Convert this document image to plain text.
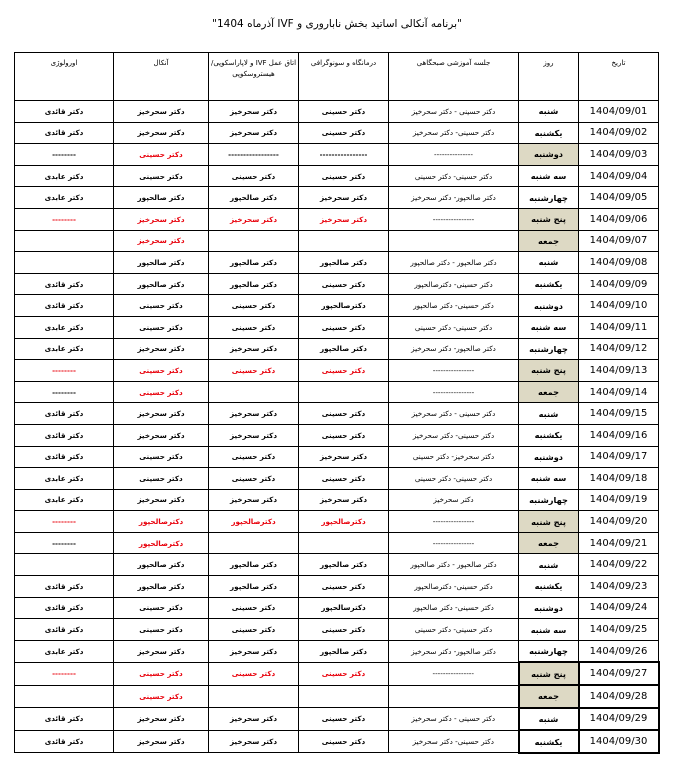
"برنامه آنکالی اساتید بخش ناباروری و IVF آذرماه 1404"
تاریخ	روز	جلسه آموزشی صبحگاهی	درمانگاه و سونوگرافی	اتاق عمل IVF و لاپاراسکوپی/ هیستروسکوپی	آنکال	اورولوژی
1404/09/01	شنبه	دکتر حسینی - دکتر سحرخیز	دکتر حسینی	دکتر سحرخیز	دکتر سحرخیز	دکتر قائدی
1404/09/02	یکشنبه	دکتر حسینی- دکتر سحرخیز	دکتر حسینی	دکتر سحرخیز	دکتر سحرخیز	دکتر قائدی
1404/09/03	دوشنبه	---------------	----------------	-----------------	دکتر حسینی	--------
1404/09/04	سه شنبه	دکتر حسینی- دکتر حسینی	دکتر حسینی	دکتر حسینی	دکتر حسینی	دکتر عابدی
1404/09/05	چهارشنبه	دکتر صالحپور- دکتر سحرخیز	دکتر سحرخیز	دکتر صالحپور	دکتر صالحپور	دکتر عابدی
1404/09/06	پنج شنبه	----------------	دکتر سحرخیز	دکتر سحرخیز	دکتر سحرخیز	--------
1404/09/07	جمعه				دکتر سحرخیز	
1404/09/08	شنبه	دکتر صالحپور - دکتر صالحپور	دکتر صالحپور	دکتر صالحپور	دکتر صالحپور	
1404/09/09	یکشنبه	دکتر حسینی- دکترصالحپور	دکتر حسینی	دکتر صالحپور	دکتر صالحپور	دکتر قائدی
1404/09/10	دوشنبه	دکتر حسینی- دکتر صالحپور	دکترصالحپور	دکتر حسینی	دکتر حسینی	دکتر قائدی
1404/09/11	سه شنبه	دکتر حسینی- دکتر حسینی	دکتر حسینی	دکتر حسینی	دکتر حسینی	دکتر عابدی
1404/09/12	چهارشنبه	دکتر صالحپور- دکتر سحرخیز	دکتر صالحپور	دکتر سحرخیز	دکتر سحرخیز	دکتر عابدی
1404/09/13	پنج شنبه	----------------	دکتر حسینی	دکتر حسینی	دکتر حسینی	--------
1404/09/14	جمعه	----------------			دکتر حسینی	--------
1404/09/15	شنبه	دکتر حسینی - دکتر سحرخیز	دکتر حسینی	دکتر سحرخیز	دکتر سحرخیز	دکتر قائدی
1404/09/16	یکشنبه	دکتر حسینی- دکتر سحرخیز	دکتر حسینی	دکتر سحرخیز	دکتر سحرخیز	دکتر قائدی
1404/09/17	دوشنبه	دکتر سحرخیز- دکتر حسینی	دکتر سحرخیز	دکتر حسینی	دکتر حسینی	دکتر قائدی
1404/09/18	سه شنبه	دکتر حسینی- دکتر حسینی	دکتر حسینی	دکتر حسینی	دکتر حسینی	دکتر عابدی
1404/09/19	چهارشنبه	دکتر سحرخیز	دکتر سحرخیز	دکتر سحرخیز	دکتر سحرخیز	دکتر عابدی
1404/09/20	پنج شنبه	----------------	دکترصالحپور	دکترصالحپور	دکترصالحپور	--------
1404/09/21	جمعه	----------------			دکترصالحپور	--------
1404/09/22	شنبه	دکتر صالحپور - دکتر صالحپور	دکتر صالحپور	دکتر صالحپور	دکتر صالحپور	
1404/09/23	یکشنبه	دکتر حسینی- دکترصالحپور	دکتر حسینی	دکتر صالحپور	دکتر صالحپور	دکتر قائدی
1404/09/24	دوشنبه	دکتر حسینی- دکتر صالحپور	دکترسالحپور	دکتر حسینی	دکتر حسینی	دکتر قائدی
1404/09/25	سه شنبه	دکتر حسینی- دکتر حسینی	دکتر حسینی	دکتر حسینی	دکتر حسینی	دکتر قائدی
1404/09/26	چهارشنبه	دکتر صالحپور- دکتر سحرخیز	دکتر صالحپور	دکتر سحرخیز	دکتر سحرخیز	دکتر عابدی
1404/09/27	پنج شنبه	----------------	دکتر حسینی	دکتر حسینی	دکتر حسینی	--------
1404/09/28	جمعه				دکتر حسینی	
1404/09/29	شنبه	دکتر حسینی - دکتر سحرخیز	دکتر حسینی	دکتر سحرخیز	دکتر سحرخیز	دکتر قائدی
1404/09/30	یکشنبه	دکتر حسینی- دکتر سحرخیز	دکتر حسینی	دکتر سحرخیز	دکتر سحرخیز	دکتر قائدی
